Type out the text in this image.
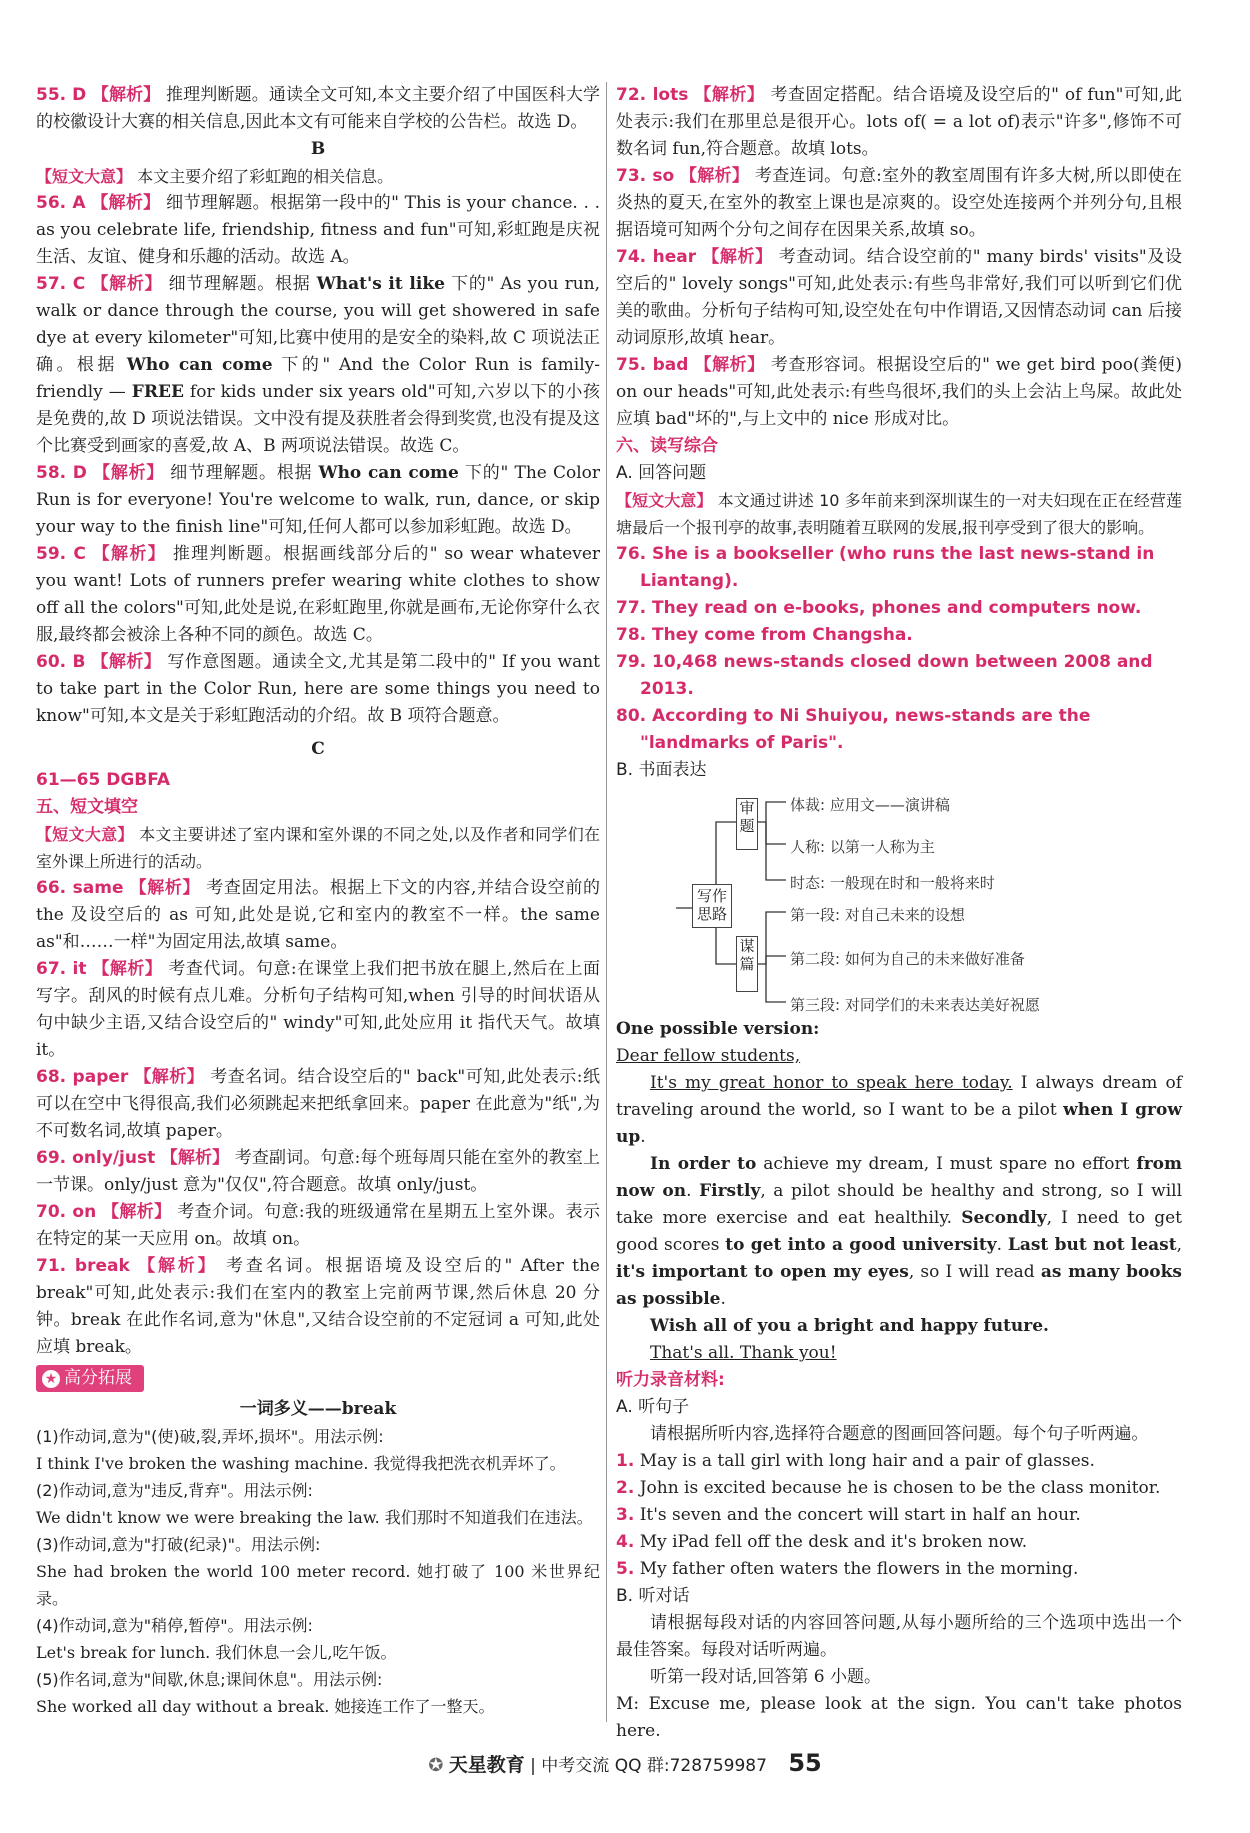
55. D 【解析】 推理判断题。通读全文可知,本文主要介绍了中国医科大学的校徽设计大赛的相关信息,因此本文有可能来自学校的公告栏。故选 D。

B

【短文大意】 本文主要介绍了彩虹跑的相关信息。

56. A 【解析】 细节理解题。根据第一段中的" This is your chance. . . as you celebrate life, friendship, fitness and fun"可知,彩虹跑是庆祝生活、友谊、健身和乐趣的活动。故选 A。

57. C 【解析】 细节理解题。根据 What's it like 下的" As you run, walk or dance through the course, you will get showered in safe dye at every kilometer"可知,比赛中使用的是安全的染料,故 C 项说法正确。根据 Who can come 下的" And the Color Run is family-friendly — FREE for kids under six years old"可知,六岁以下的小孩是免费的,故 D 项说法错误。文中没有提及获胜者会得到奖赏,也没有提及这个比赛受到画家的喜爱,故 A、B 两项说法错误。故选 C。

58. D 【解析】 细节理解题。根据 Who can come 下的" The Color Run is for everyone! You're welcome to walk, run, dance, or skip your way to the finish line"可知,任何人都可以参加彩虹跑。故选 D。

59. C 【解析】 推理判断题。根据画线部分后的" so wear whatever you want! Lots of runners prefer wearing white clothes to show off all the colors"可知,此处是说,在彩虹跑里,你就是画布,无论你穿什么衣服,最终都会被涂上各种不同的颜色。故选 C。

60. B 【解析】 写作意图题。通读全文,尤其是第二段中的" If you want to take part in the Color Run, here are some things you need to know"可知,本文是关于彩虹跑活动的介绍。故 B 项符合题意。

C

61—65 DGBFA

五、短文填空

【短文大意】 本文主要讲述了室内课和室外课的不同之处,以及作者和同学们在室外课上所进行的活动。

66. same 【解析】 考查固定用法。根据上下文的内容,并结合设空前的 the 及设空后的 as 可知,此处是说,它和室内的教室不一样。the same as"和……一样"为固定用法,故填 same。

67. it 【解析】 考查代词。句意:在课堂上我们把书放在腿上,然后在上面写字。刮风的时候有点儿难。分析句子结构可知,when 引导的时间状语从句中缺少主语,又结合设空后的" windy"可知,此处应用 it 指代天气。故填 it。

68. paper 【解析】 考查名词。结合设空后的" back"可知,此处表示:纸可以在空中飞得很高,我们必须跳起来把纸拿回来。paper 在此意为"纸",为不可数名词,故填 paper。

69. only/just 【解析】 考查副词。句意:每个班每周只能在室外的教室上一节课。only/just 意为"仅仅",符合题意。故填 only/just。

70. on 【解析】 考查介词。句意:我的班级通常在星期五上室外课。表示在特定的某一天应用 on。故填 on。

71. break 【解析】 考查名词。根据语境及设空后的" After the break"可知,此处表示:我们在室内的教室上完前两节课,然后休息 20 分钟。break 在此作名词,意为"休息",又结合设空前的不定冠词 a 可知,此处应填 break。

★ 高分拓展

一词多义——break

(1)作动词,意为"(使)破,裂,弄坏,损坏"。用法示例:

I think I've broken the washing machine. 我觉得我把洗衣机弄坏了。

(2)作动词,意为"违反,背弃"。用法示例:

We didn't know we were breaking the law. 我们那时不知道我们在违法。

(3)作动词,意为"打破(纪录)"。用法示例:

She had broken the world 100 meter record. 她打破了 100 米世界纪录。

(4)作动词,意为"稍停,暂停"。用法示例:

Let's break for lunch. 我们休息一会儿,吃午饭。

(5)作名词,意为"间歇,休息;课间休息"。用法示例:

She worked all day without a break. 她接连工作了一整天。

72. lots 【解析】 考查固定搭配。结合语境及设空后的" of fun"可知,此处表示:我们在那里总是很开心。lots of( = a lot of)表示"许多",修饰不可数名词 fun,符合题意。故填 lots。

73. so 【解析】 考查连词。句意:室外的教室周围有许多大树,所以即使在炎热的夏天,在室外的教室上课也是凉爽的。设空处连接两个并列分句,且根据语境可知两个分句之间存在因果关系,故填 so。

74. hear 【解析】 考查动词。结合设空前的" many birds' visits"及设空后的" lovely songs"可知,此处表示:有些鸟非常好,我们可以听到它们优美的歌曲。分析句子结构可知,设空处在句中作谓语,又因情态动词 can 后接动词原形,故填 hear。

75. bad 【解析】 考查形容词。根据设空后的" we get bird poo(粪便) on our heads"可知,此处表示:有些鸟很坏,我们的头上会沾上鸟屎。故此处应填 bad"坏的",与上文中的 nice 形成对比。

六、读写综合

A. 回答问题

【短文大意】 本文通过讲述 10 多年前来到深圳谋生的一对夫妇现在正在经营莲塘最后一个报刊亭的故事,表明随着互联网的发展,报刊亭受到了很大的影响。

76. She is a bookseller (who runs the last news-stand in Liantang).

77. They read on e-books, phones and computers now.

78. They come from Changsha.

79. 10,468 news-stands closed down between 2008 and 2013.

80. According to Ni Shuiyou, news-stands are the "landmarks of Paris".

B. 书面表达

审题
写作思路
谋篇
体裁: 应用文——演讲稿
人称: 以第一人称为主
时态: 一般现在时和一般将来时
第一段: 对自己未来的设想
第二段: 如何为自己的未来做好准备
第三段: 对同学们的未来表达美好祝愿

One possible version:

Dear fellow students,

It's my great honor to speak here today. I always dream of traveling around the world, so I want to be a pilot when I grow up.

In order to achieve my dream, I must spare no effort from now on. Firstly, a pilot should be healthy and strong, so I will take more exercise and eat healthily. Secondly, I need to get good scores to get into a good university. Last but not least, it's important to open my eyes, so I will read as many books as possible.

Wish all of you a bright and happy future.

That's all. Thank you!

听力录音材料:

A. 听句子

请根据所听内容,选择符合题意的图画回答问题。每个句子听两遍。

1. May is a tall girl with long hair and a pair of glasses.

2. John is excited because he is chosen to be the class monitor.

3. It's seven and the concert will start in half an hour.

4. My iPad fell off the desk and it's broken now.

5. My father often waters the flowers in the morning.

B. 听对话

请根据每段对话的内容回答问题,从每小题所给的三个选项中选出一个最佳答案。每段对话听两遍。

听第一段对话,回答第 6 小题。

M: Excuse me, please look at the sign. You can't take photos here.

✪ 天星教育 | 中考交流 QQ 群:728759987 55
